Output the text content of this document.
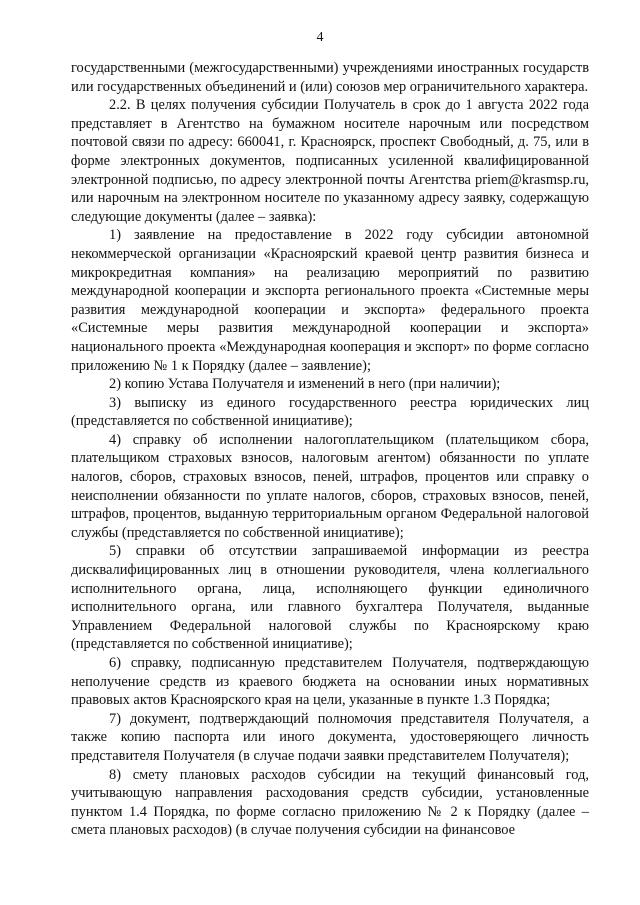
4

государственными (межгосударственными) учреждениями иностранных государств или государственных объединений и (или) союзов мер ограничительного характера.

2.2. В целях получения субсидии Получатель в срок до 1 августа 2022 года представляет в Агентство на бумажном носителе нарочным или посредством почтовой связи по адресу: 660041, г. Красноярск, проспект Свободный, д. 75, или в форме электронных документов, подписанных усиленной квалифицированной электронной подписью, по адресу электронной почты Агентства priem@krasmsp.ru, или нарочным на электронном носителе по указанному адресу заявку, содержащую следующие документы (далее – заявка):

1) заявление на предоставление в 2022 году субсидии автономной некоммерческой организации «Красноярский краевой центр развития бизнеса и микрокредитная компания» на реализацию мероприятий по развитию международной кооперации и экспорта регионального проекта «Системные меры развития международной кооперации и экспорта» федерального проекта «Системные меры развития международной кооперации и экспорта» национального проекта «Международная кооперация и экспорт» по форме согласно приложению № 1 к Порядку (далее – заявление);

2) копию Устава Получателя и изменений в него (при наличии);

3) выписку из единого государственного реестра юридических лиц (представляется по собственной инициативе);

4) справку об исполнении налогоплательщиком (плательщиком сбора, плательщиком страховых взносов, налоговым агентом) обязанности по уплате налогов, сборов, страховых взносов, пеней, штрафов, процентов или справку о неисполнении обязанности по уплате налогов, сборов, страховых взносов, пеней, штрафов, процентов, выданную территориальным органом Федеральной налоговой службы (представляется по собственной инициативе);

5) справки об отсутствии запрашиваемой информации из реестра дисквалифицированных лиц в отношении руководителя, члена коллегиального исполнительного органа, лица, исполняющего функции единоличного исполнительного органа, или главного бухгалтера Получателя, выданные Управлением Федеральной налоговой службы по Красноярскому краю (представляется по собственной инициативе);

6) справку, подписанную представителем Получателя, подтверждающую неполучение средств из краевого бюджета на основании иных нормативных правовых актов Красноярского края на цели, указанные в пункте 1.3 Порядка;

7) документ, подтверждающий полномочия представителя Получателя, а также копию паспорта или иного документа, удостоверяющего личность представителя Получателя (в случае подачи заявки представителем Получателя);

8) смету плановых расходов субсидии на текущий финансовый год, учитывающую направления расходования средств субсидии, установленные пунктом 1.4 Порядка, по форме согласно приложению № 2 к Порядку (далее – смета плановых расходов) (в случае получения субсидии на финансовое
